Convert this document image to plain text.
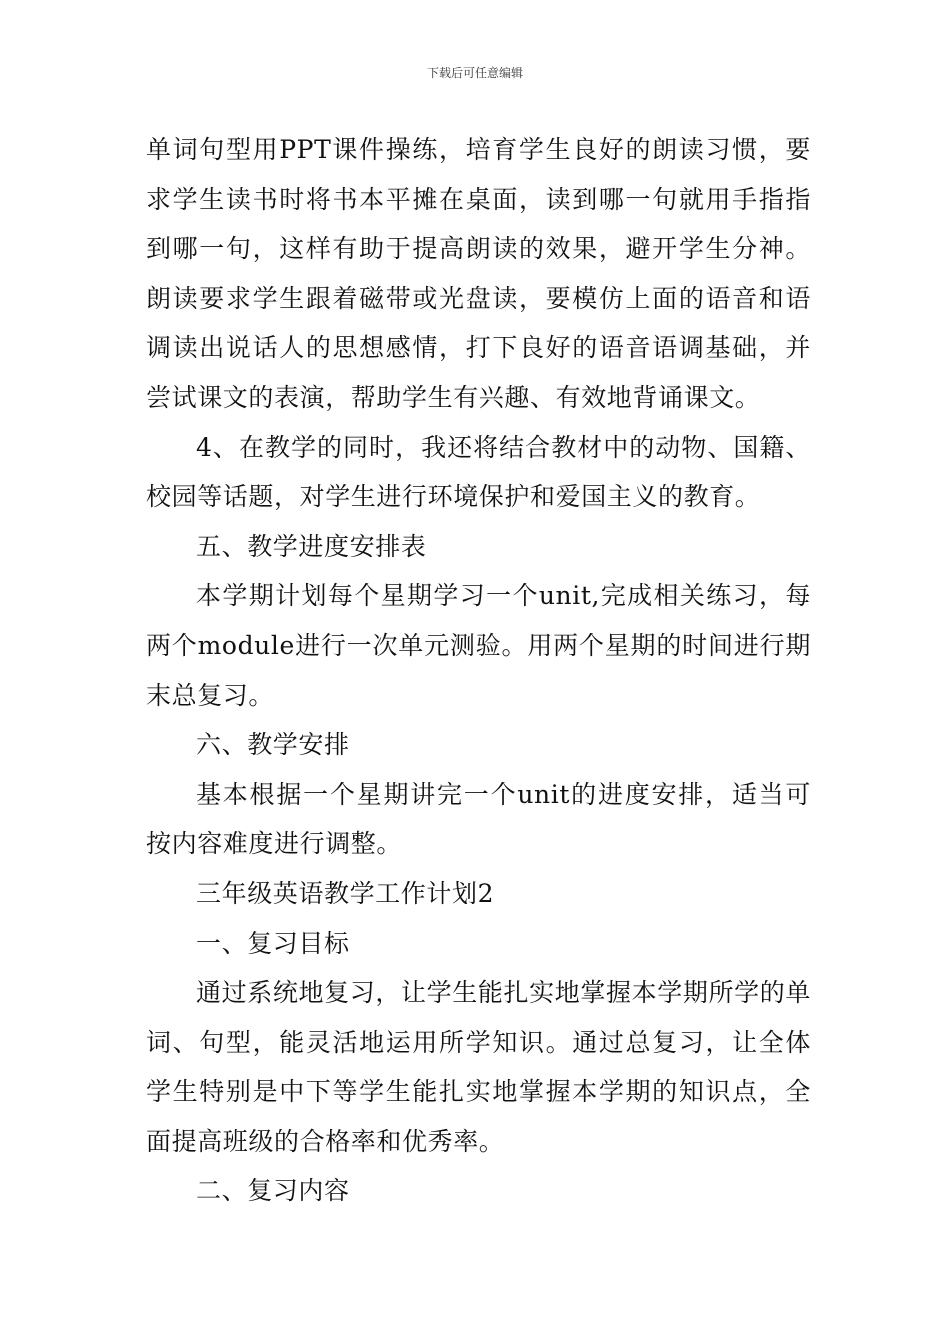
下载后可任意编辑

单词句型用PPT课件操练，培育学生良好的朗读习惯，要求学生读书时将书本平摊在桌面，读到哪一句就用手指指到哪一句，这样有助于提高朗读的效果，避开学生分神。朗读要求学生跟着磁带或光盘读，要模仿上面的语音和语调读出说话人的思想感情，打下良好的语音语调基础，并尝试课文的表演，帮助学生有兴趣、有效地背诵课文。

4、在教学的同时，我还将结合教材中的动物、国籍、校园等话题，对学生进行环境保护和爱国主义的教育。

五、教学进度安排表

本学期计划每个星期学习一个unit,完成相关练习，每两个module进行一次单元测验。用两个星期的时间进行期末总复习。

六、教学安排

基本根据一个星期讲完一个unit的进度安排，适当可按内容难度进行调整。

三年级英语教学工作计划2

一、复习目标

通过系统地复习，让学生能扎实地掌握本学期所学的单词、句型，能灵活地运用所学知识。通过总复习，让全体学生特别是中下等学生能扎实地掌握本学期的知识点，全面提高班级的合格率和优秀率。

二、复习内容
